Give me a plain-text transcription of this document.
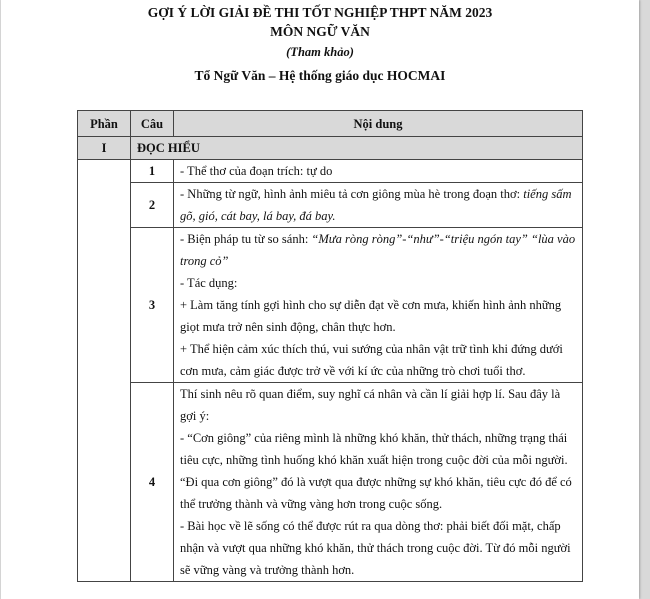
GỢI Ý LỜI GIẢI ĐỀ THI TỐT NGHIỆP THPT NĂM 2023
MÔN NGỮ VĂN
(Tham khảo)
Tổ Ngữ Văn – Hệ thống giáo dục HOCMAI
Phần	Câu	Nội dung
I	ĐỌC HIỂU	
	1	- Thể thơ của đoạn trích: tự do

	2	- Những từ ngữ, hình ảnh miêu tả cơn giông mùa hè trong đoạn thơ: tiếng sấm gõ, gió, cát bay, lá bay, đá bay.

	3	- Biện pháp tu từ so sánh: “Mưa ròng ròng”-“như”-“triệu ngón tay” “lùa vào trong cỏ”

- Tác dụng:

+ Làm tăng tính gợi hình cho sự diễn đạt về cơn mưa, khiến hình ảnh những giọt mưa trở nên sinh động, chân thực hơn.

+ Thể hiện cảm xúc thích thú, vui sướng của nhân vật trữ tình khi đứng dưới cơn mưa, cảm giác được trở về với kí ức của những trò chơi tuổi thơ.

	4	Thí sinh nêu rõ quan điểm, suy nghĩ cá nhân và cần lí giải hợp lí. Sau đây là gợi ý:

- “Cơn giông” của riêng mình là những khó khăn, thử thách, những trạng thái tiêu cực, những tình huống khó khăn xuất hiện trong cuộc đời của mỗi người. “Đi qua cơn giông” đó là vượt qua được những sự khó khăn, tiêu cực đó để có thể trưởng thành và vững vàng hơn trong cuộc sống.

- Bài học về lẽ sống có thể được rút ra qua dòng thơ: phải biết đối mặt, chấp nhận và vượt qua những khó khăn, thử thách trong cuộc đời. Từ đó mỗi người sẽ vững vàng và trưởng thành hơn.
